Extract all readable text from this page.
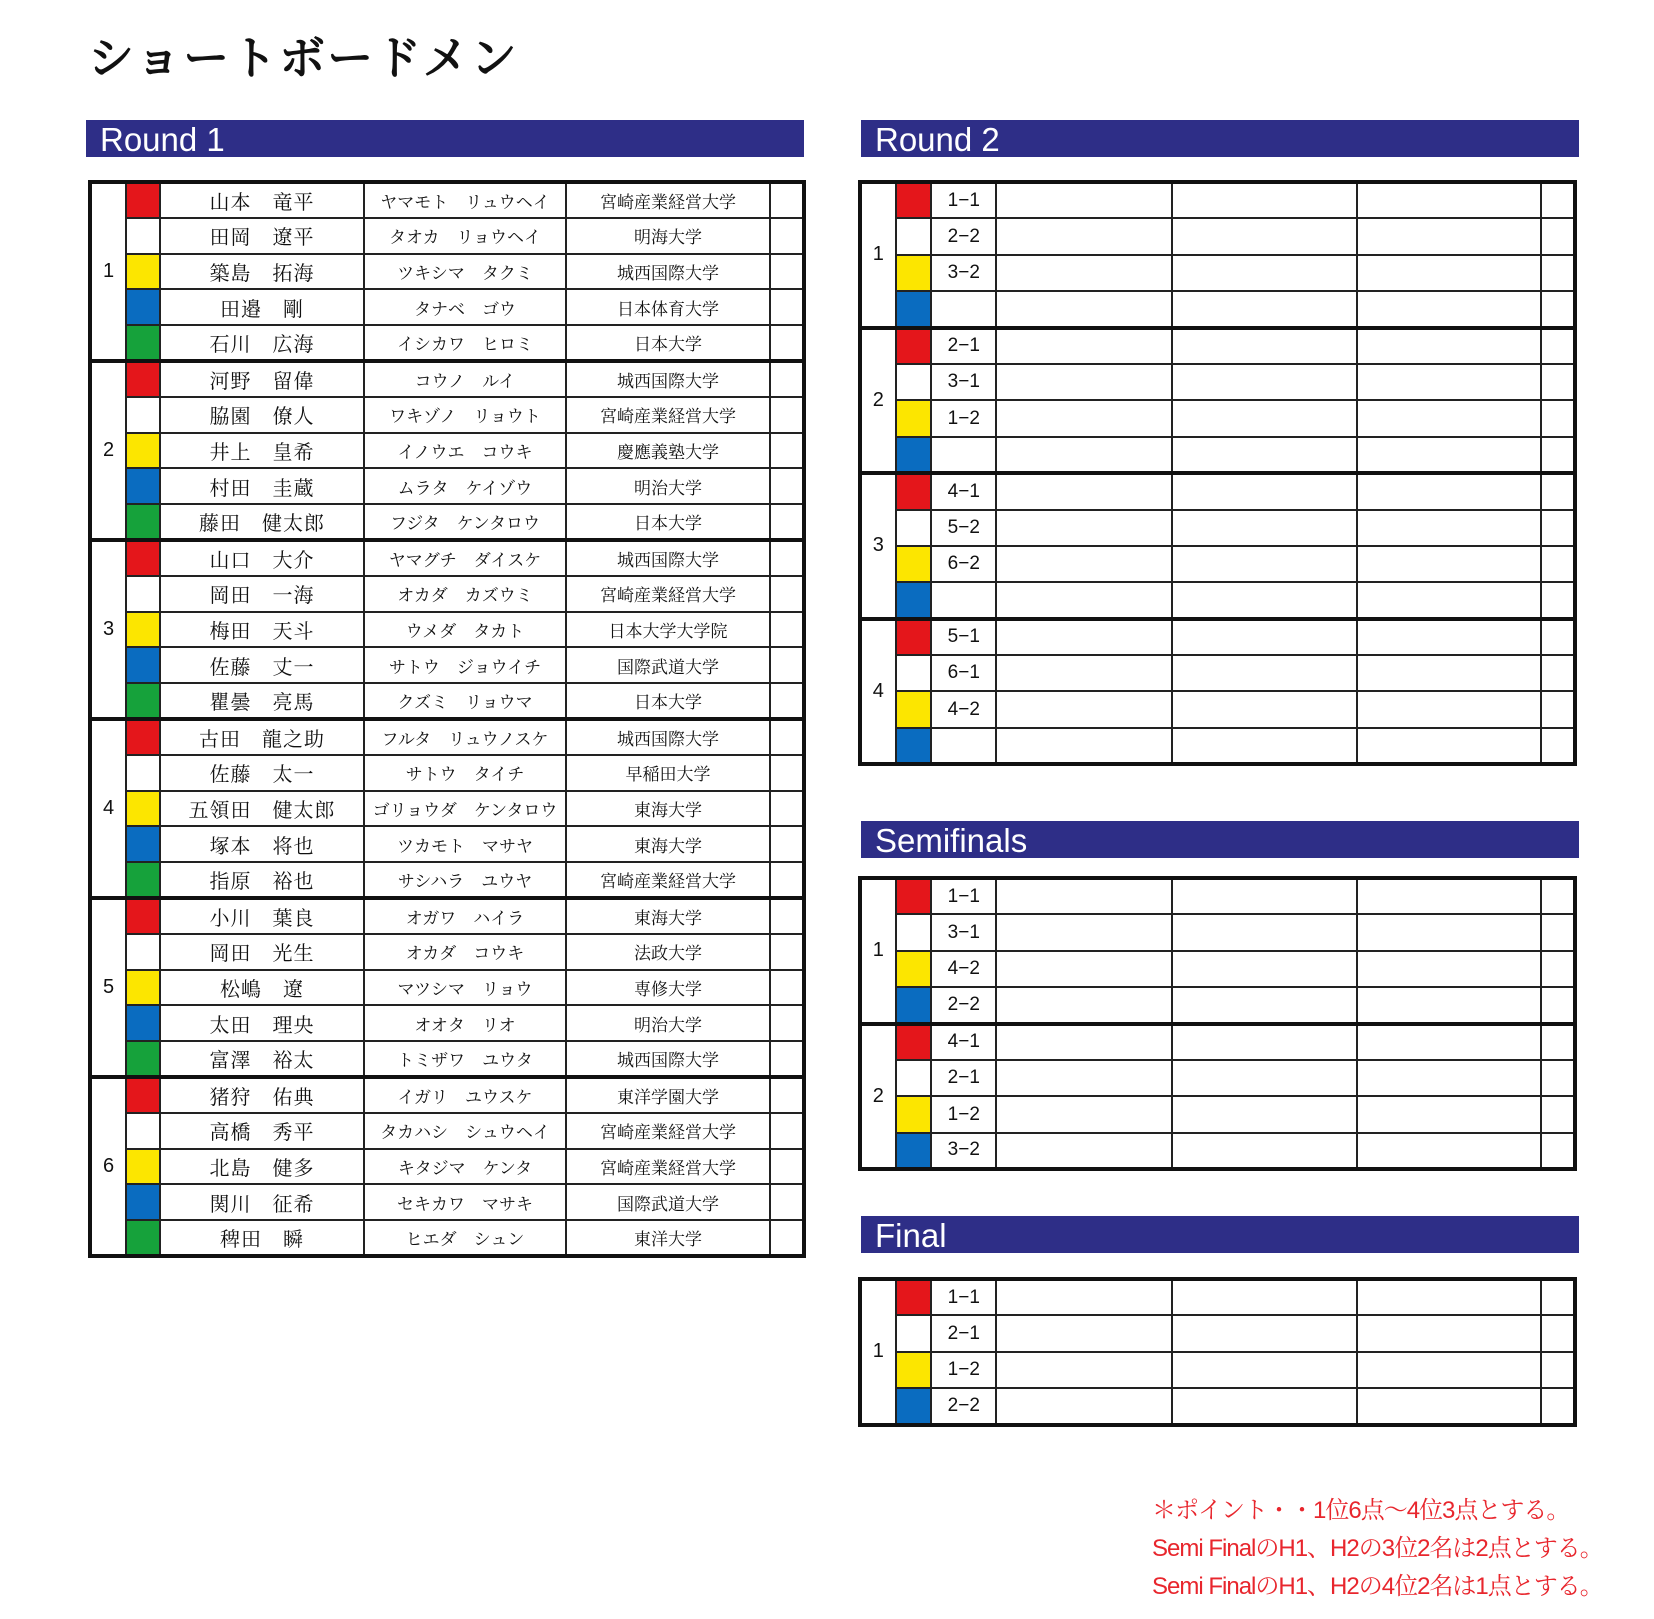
ショートボードメン
Round 1
1		山本　竜平	ヤマモト　リュウヘイ	宮崎産業経営大学	
		田岡　遼平	タオカ　リョウヘイ	明海大学	
		築島　拓海	ツキシマ　タクミ	城西国際大学	
		田邉　剛	タナベ　ゴウ	日本体育大学	
		石川　広海	イシカワ　ヒロミ	日本大学	
2		河野　留偉	コウノ　ルイ	城西国際大学	
		脇園　僚人	ワキゾノ　リョウト	宮崎産業経営大学	
		井上　皇希	イノウエ　コウキ	慶應義塾大学	
		村田　圭蔵	ムラタ　ケイゾウ	明治大学	
		藤田　健太郎	フジタ　ケンタロウ	日本大学	
3		山口　大介	ヤマグチ　ダイスケ	城西国際大学	
		岡田　一海	オカダ　カズウミ	宮崎産業経営大学	
		梅田　天斗	ウメダ　タカト	日本大学大学院	
		佐藤　丈一	サトウ　ジョウイチ	国際武道大学	
		瞿曇　亮馬	クズミ　リョウマ	日本大学	
4		古田　龍之助	フルタ　リュウノスケ	城西国際大学	
		佐藤　太一	サトウ　タイチ	早稲田大学	
		五領田　健太郎	ゴリョウダ　ケンタロウ	東海大学	
		塚本　将也	ツカモト　マサヤ	東海大学	
		指原　裕也	サシハラ　ユウヤ	宮崎産業経営大学	
5		小川　葉良	オガワ　ハイラ	東海大学	
		岡田　光生	オカダ　コウキ	法政大学	
		松嶋　遼	マツシマ　リョウ	専修大学	
		太田　理央	オオタ　リオ	明治大学	
		富澤　裕太	トミザワ　ユウタ	城西国際大学	
6		猪狩　佑典	イガリ　ユウスケ	東洋学園大学	
		高橋　秀平	タカハシ　シュウヘイ	宮崎産業経営大学	
		北島　健多	キタジマ　ケンタ	宮崎産業経営大学	
		関川　征希	セキカワ　マサキ	国際武道大学	
		稗田　瞬	ヒエダ　シュン	東洋大学	
Round 2
1		1−1				
		2−2				
		3−2				

2		2−1				
		3−1				
		1−2				

3		4−1				
		5−2				
		6−2				

4		5−1				
		6−1				
		4−2				

Semifinals
1		1−1				
		3−1				
		4−2				
		2−2				
2		4−1				
		2−1				
		1−2				
		3−2				
Final
1		1−1				
		2−1				
		1−2				
		2−2				
＊ポイント・・1位6点〜4位3点とする。
Semi FinalのH1、H2の3位2名は2点とする。
Semi FinalのH1、H2の4位2名は1点とする。
